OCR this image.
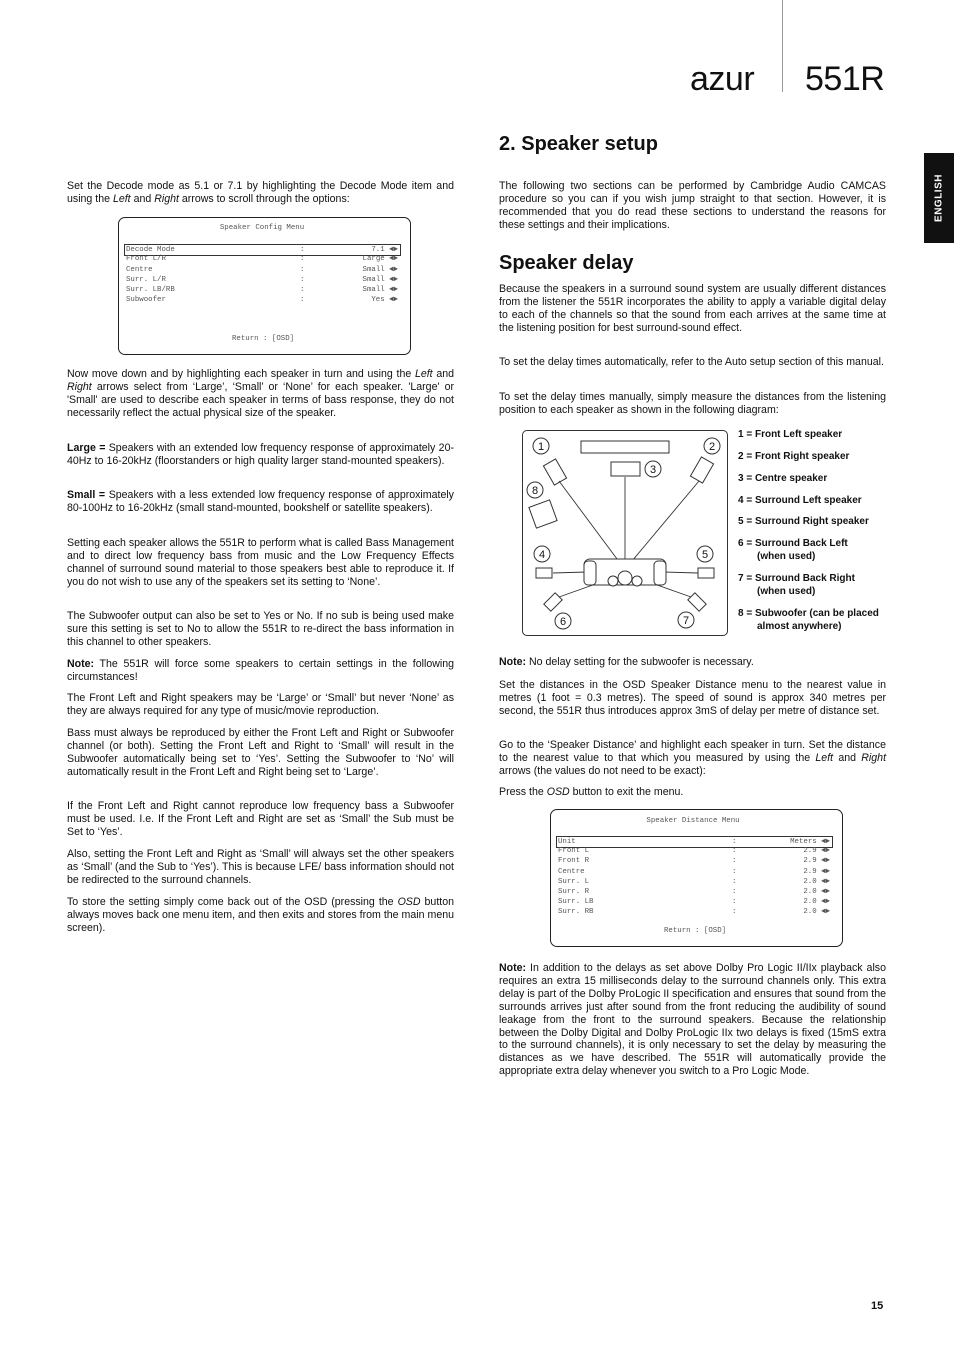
azur 551R
ENGLISH

Set the Decode mode as 5.1 or 7.1 by highlighting the Decode Mode item and using the Left and Right arrows to scroll through the options:

Speaker Config Menu
Decode Mode	:	7.1 ◄►
Front L/R	:	Large ◄►
Centre	:	Small ◄►
Surr. L/R	:	Small ◄►
Surr. LB/RB	:	Small ◄►
Subwoofer	:	Yes ◄►
Return : [OSD]

Now move down and by highlighting each speaker in turn and using the Left and Right arrows select from ‘Large’, ‘Small’ or ‘None’ for each speaker. 'Large' or 'Small' are used to describe each speaker in terms of bass response, they do not necessarily reflect the actual physical size of the speaker.

Large = Speakers with an extended low frequency response of approximately 20-40Hz to 16-20kHz (floorstanders or high quality larger stand-mounted speakers).

Small = Speakers with a less extended low frequency response of approximately 80-100Hz to 16-20kHz (small stand-mounted, bookshelf or satellite speakers).

Setting each speaker allows the 551R to perform what is called Bass Management and to direct low frequency bass from music and the Low Frequency Effects channel of surround sound material to those speakers best able to reproduce it. If you do not wish to use any of the speakers set its setting to ‘None’.

The Subwoofer output can also be set to Yes or No. If no sub is being used make sure this setting is set to No to allow the 551R to re-direct the bass information in this channel to other speakers.

Note: The 551R will force some speakers to certain settings in the following circumstances!

The Front Left and Right speakers may be ‘Large’ or ‘Small’ but never ‘None’ as they are always required for any type of music/movie reproduction.

Bass must always be reproduced by either the Front Left and Right or Subwoofer channel (or both). Setting the Front Left and Right to ‘Small’ will result in the Subwoofer automatically being set to ‘Yes’. Setting the Subwoofer to ‘No’ will automatically result in the Front Left and Right being set to ‘Large’.

If the Front Left and Right cannot reproduce low frequency bass a Subwoofer must be used. I.e. If the Front Left and Right are set as ‘Small’ the Sub must be Set to ‘Yes’.

Also, setting the Front Left and Right as ‘Small’ will always set the other speakers as ‘Small’ (and the Sub to ‘Yes’). This is because LFE/ bass information should not be redirected to the surround channels.

To store the setting simply come back out of the OSD (pressing the OSD button always moves back one menu item, and then exits and stores from the main menu screen).

2. Speaker setup

The following two sections can be performed by Cambridge Audio CAMCAS procedure so you can if you wish jump straight to that section. However, it is recommended that you do read these sections to understand the reasons for these settings and their implications.

Speaker delay

Because the speakers in a surround sound system are usually different distances from the listener the 551R incorporates the ability to apply a variable digital delay to each of the channels so that the sound from each arrives at the same time at the listening position for best surround-sound effect.

To set the delay times automatically, refer to the Auto setup section of this manual.

To set the delay times manually, simply measure the distances from the listening position to each speaker as shown in the following diagram:

1	2
3
8
4	5
6	7
1 = Front Left speaker
2 = Front Right speaker
3 = Centre speaker
4 = Surround Left speaker
5 = Surround Right speaker
6 = Surround Back Left
(when used)
7 = Surround Back Right
(when used)
8 = Subwoofer (can be placed
almost anywhere)

Note: No delay setting for the subwoofer is necessary.

Set the distances in the OSD Speaker Distance menu to the nearest value in metres (1 foot = 0.3 metres). The speed of sound is approx 340 metres per second, the 551R thus introduces approx 3mS of delay per metre of distance set.

Go to the ‘Speaker Distance’ and highlight each speaker in turn. Set the distance to the nearest value to that which you measured by using the Left and Right arrows (the values do not need to be exact):

Press the OSD button to exit the menu.

Speaker Distance Menu
Unit	:	Meters ◄►
Front L	:	2.9 ◄►
Front R	:	2.9 ◄►
Centre	:	2.9 ◄►
Surr. L	:	2.0 ◄►
Surr. R	:	2.0 ◄►
Surr. LB	:	2.0 ◄►
Surr. RB	:	2.0 ◄►
Return : [OSD]

Note: In addition to the delays as set above Dolby Pro Logic II/IIx playback also requires an extra 15 milliseconds delay to the surround channels only. This extra delay is part of the Dolby ProLogic II specification and ensures that sound from the surrounds arrives just after sound from the front reducing the audibility of sound leakage from the front to the surround speakers. Because the relationship between the Dolby Digital and Dolby ProLogic IIx two delays is fixed (15mS extra to the surround channels), it is only necessary to set the delay by measuring the distances as we have described. The 551R will automatically provide the appropriate extra delay whenever you switch to a Pro Logic Mode.

15
